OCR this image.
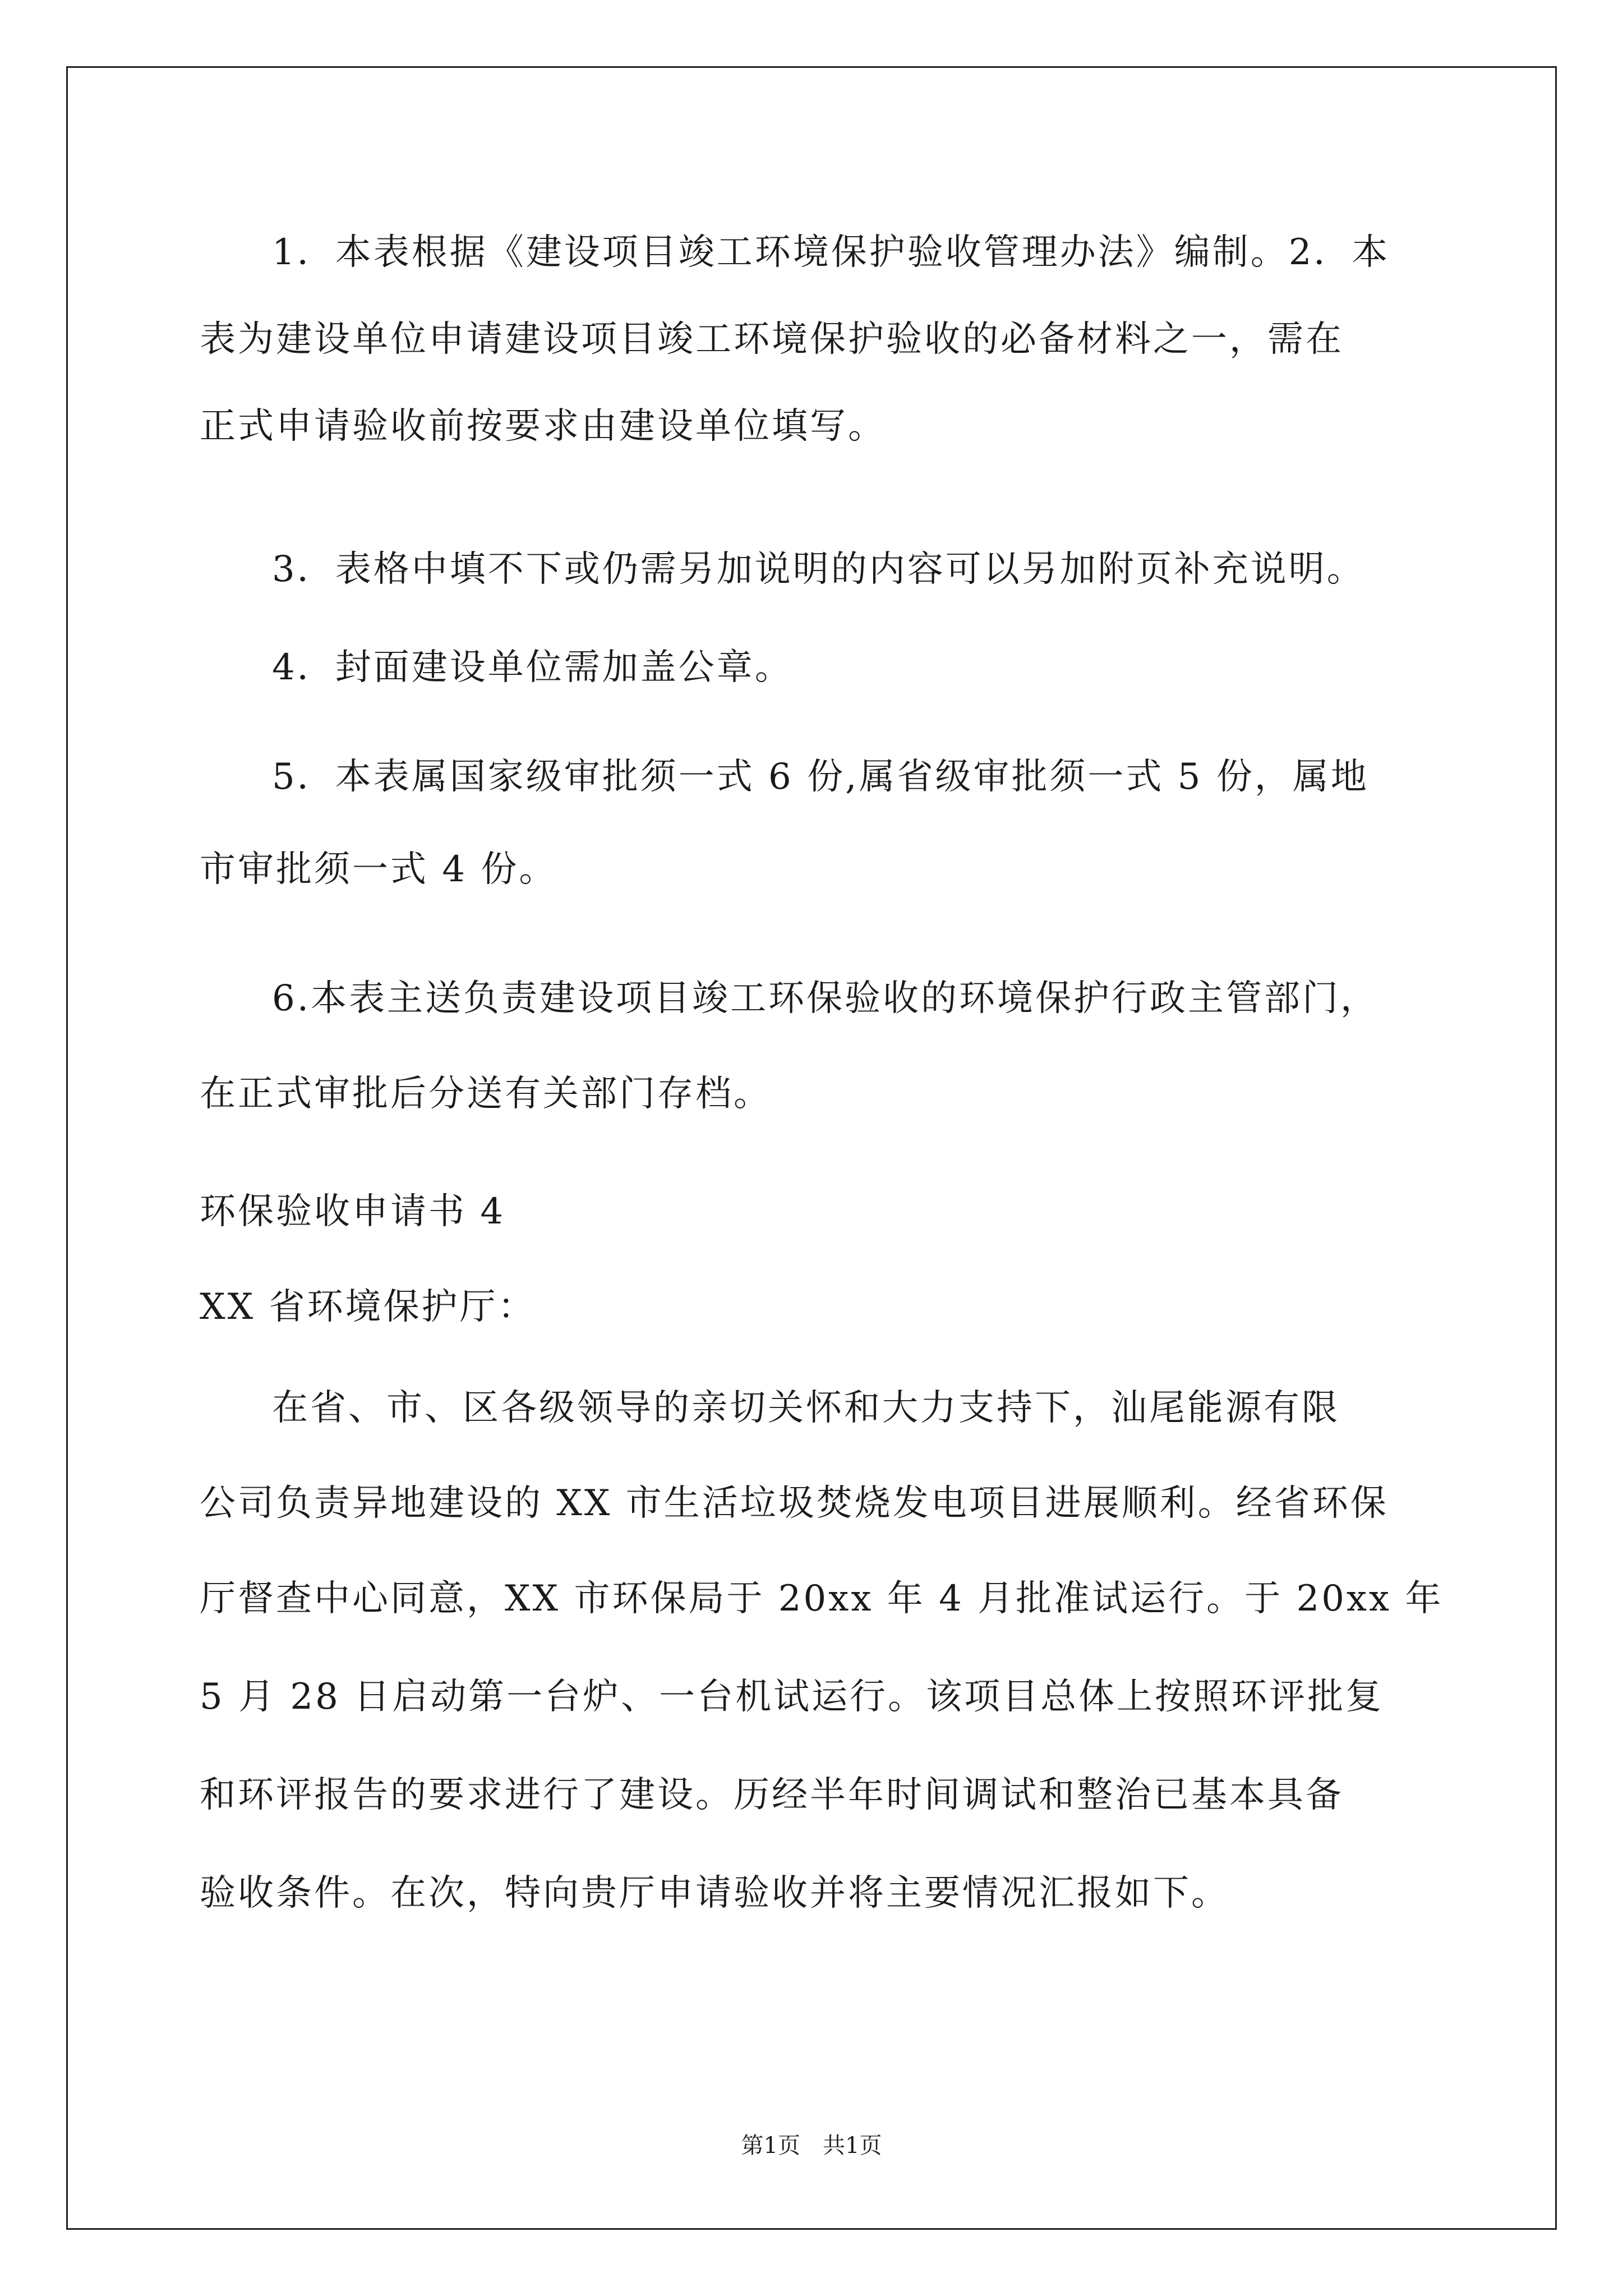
1．本表根据《建设项目竣工环境保护验收管理办法》编制。2．本

表为建设单位申请建设项目竣工环境保护验收的必备材料之一，需在

正式申请验收前按要求由建设单位填写。

3．表格中填不下或仍需另加说明的内容可以另加附页补充说明。

4．封面建设单位需加盖公章。

5．本表属国家级审批须一式 6 份,属省级审批须一式 5 份，属地

市审批须一式 4 份。

6.本表主送负责建设项目竣工环保验收的环境保护行政主管部门，

在正式审批后分送有关部门存档。

环保验收申请书 4

XX 省环境保护厅：

在省、市、区各级领导的亲切关怀和大力支持下，汕尾能源有限

公司负责异地建设的 XX 市生活垃圾焚烧发电项目进展顺利。经省环保

厅督查中心同意，XX 市环保局于 20xx 年 4 月批准试运行。于 20xx 年

5 月 28 日启动第一台炉、一台机试运行。该项目总体上按照环评批复

和环评报告的要求进行了建设。历经半年时间调试和整治已基本具备

验收条件。在次，特向贵厅申请验收并将主要情况汇报如下。

第1页　共1页
